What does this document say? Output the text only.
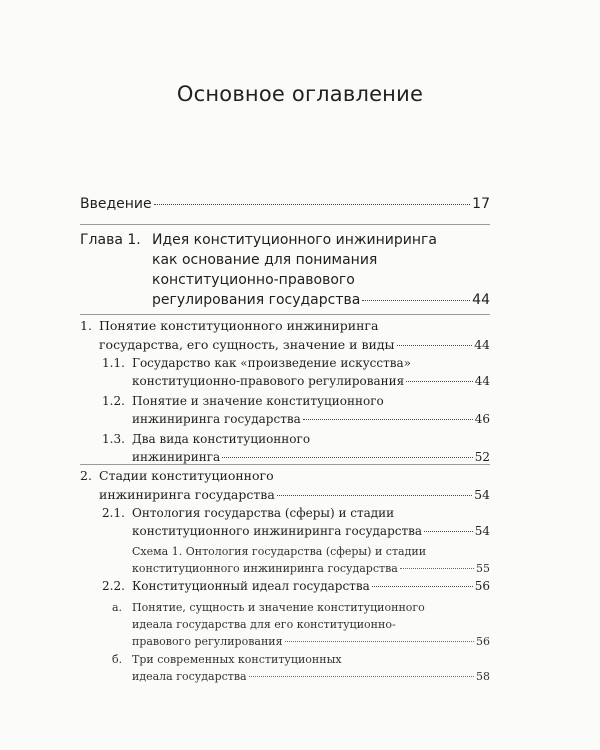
Основное оглавление
Введение	17
Глава 1. Идея конституционного инжиниринга
как основание для понимания
конституционно-правового
регулирования государства	44
1. Понятие конституционного инжиниринга
государства, его сущность, значение и виды	44
1.1. Государство как «произведение искусства»
конституционно-правового регулирования	44
1.2. Понятие и значение конституционного
инжиниринга государства	46
1.3. Два вида конституционного
инжиниринга	52
2. Стадии конституционного
инжиниринга государства	54
2.1. Онтология государства (сферы) и стадии
конституционного инжиниринга государства	54
Схема 1. Онтология государства (сферы) и стадии
конституционного инжиниринга государства	55
2.2. Конституционный идеал государства	56
а. Понятие, сущность и значение конституционного
идеала государства для его конституционно-
правового регулирования	56
б. Три современных конституционных
идеала государства	58
